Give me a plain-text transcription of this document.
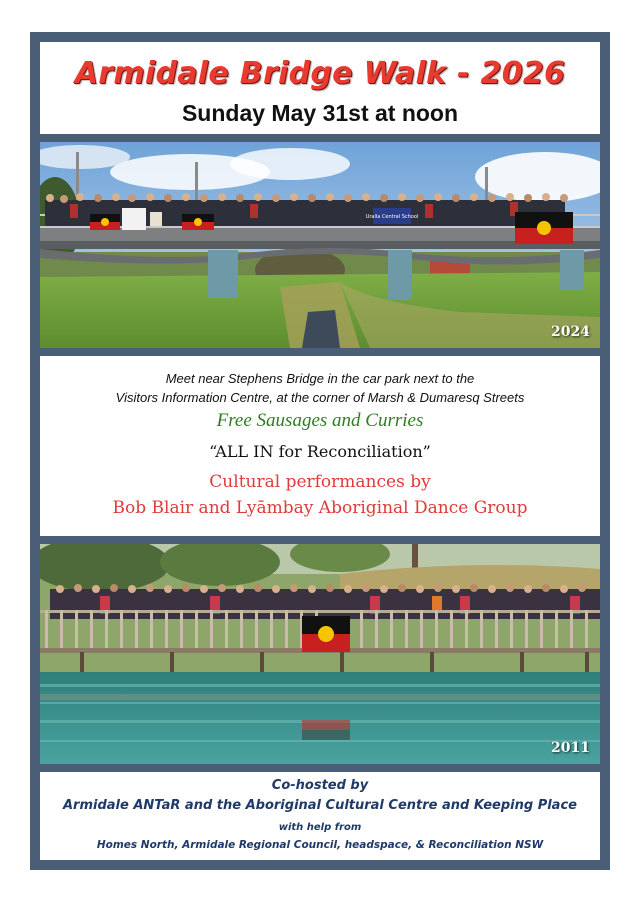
Armidale Bridge Walk - 2026
Sunday May 31st at noon
Uralla Central School
2024
Meet near Stephens Bridge in the car park next to the
Visitors Information Centre, at the corner of Marsh & Dumaresq Streets
Free Sausages and Curries
“ALL IN for Reconciliation”
Cultural performances by
Bob Blair and Lyāmbay Aboriginal Dance Group
2011
Co-hosted by
Armidale ANTaR and the Aboriginal Cultural Centre and Keeping Place
with help from
Homes North, Armidale Regional Council, headspace, & Reconciliation NSW
